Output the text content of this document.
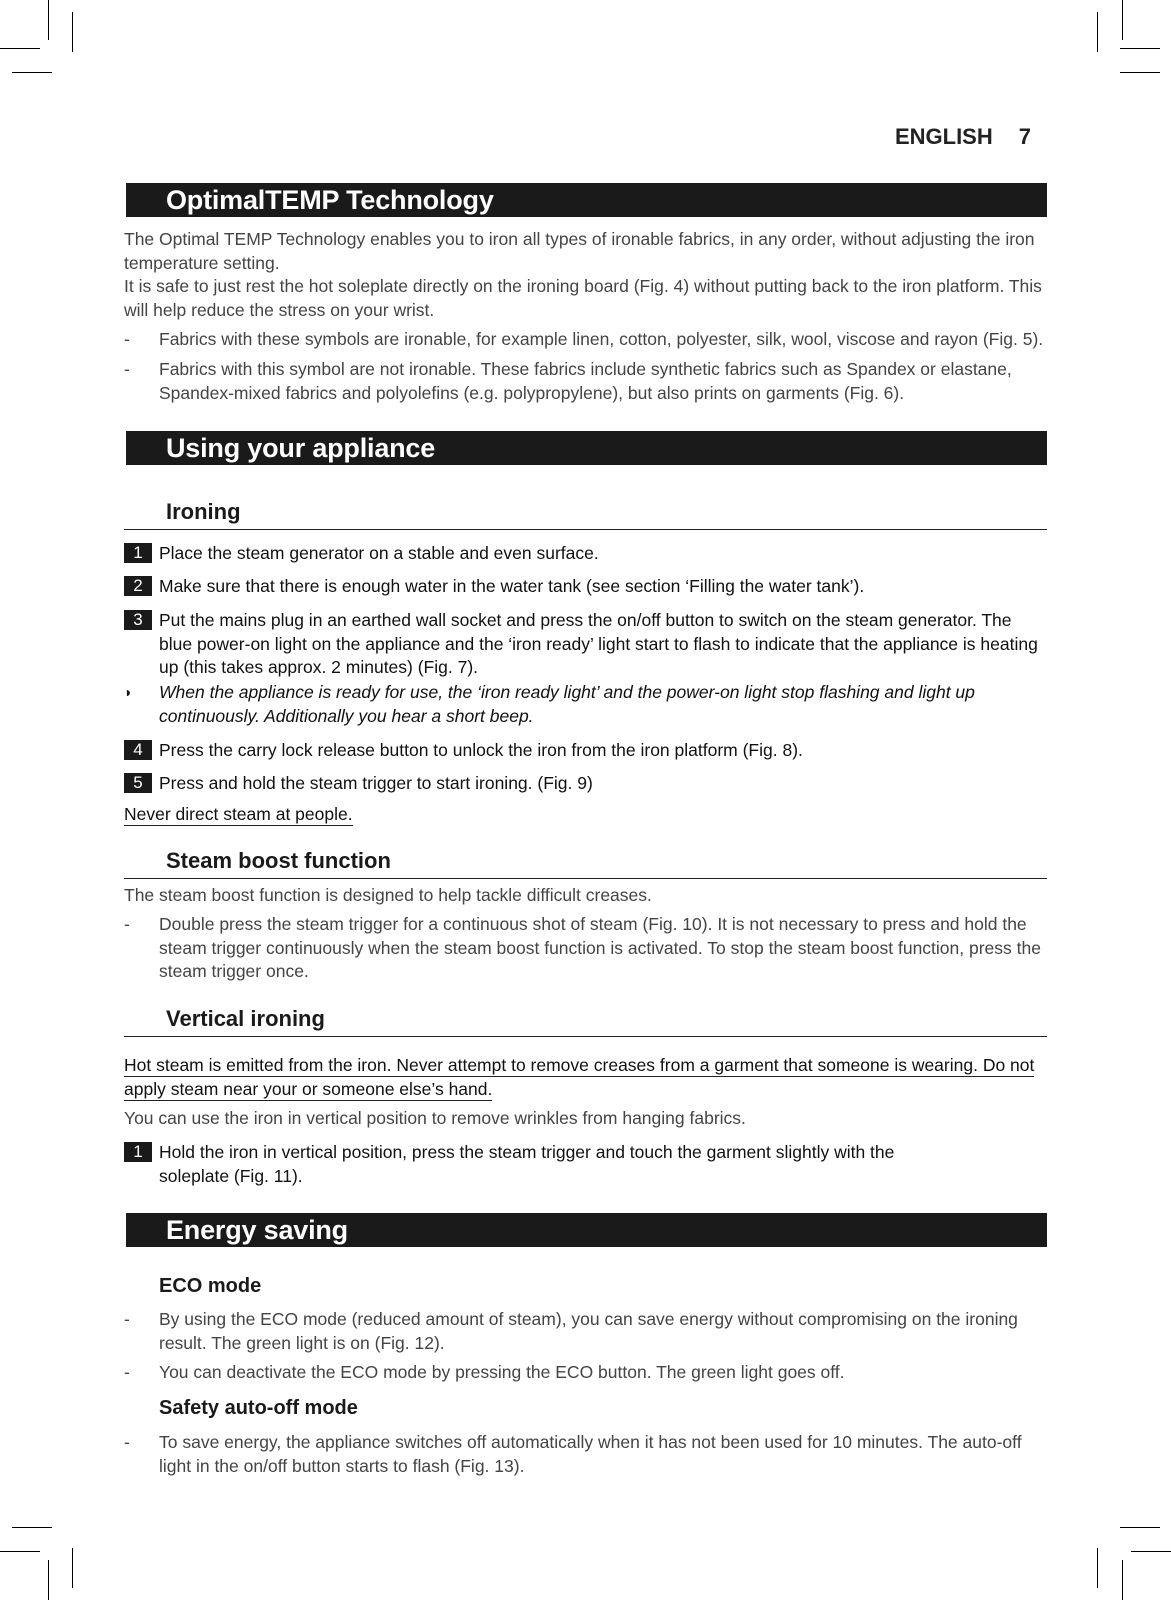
ENGLISH 7
OptimalTEMP Technology

The Optimal TEMP Technology enables you to iron all types of ironable fabrics, in any order, without adjusting the iron temperature setting.

It is safe to just rest the hot soleplate directly on the ironing board (Fig. 4) without putting back to the iron platform. This will help reduce the stress on your wrist.

- Fabrics with these symbols are ironable, for example linen, cotton, polyester, silk, wool, viscose and rayon (Fig. 5).
- Fabrics with this symbol are not ironable. These fabrics include synthetic fabrics such as Spandex or elastane, Spandex-mixed fabrics and polyolefins (e.g. polypropylene), but also prints on garments (Fig. 6).
Using your appliance
Ironing
1 Place the steam generator on a stable and even surface.
2 Make sure that there is enough water in the water tank (see section ‘Filling the water tank’).
3 Put the mains plug in an earthed wall socket and press the on/off button to switch on the steam generator. The blue power-on light on the appliance and the ‘iron ready’ light start to flash to indicate that the appliance is heating up (this takes approx. 2 minutes) (Fig. 7).
◗ When the appliance is ready for use, the ‘iron ready light’ and the power-on light stop flashing and light up continuously. Additionally you hear a short beep.
4 Press the carry lock release button to unlock the iron from the iron platform (Fig. 8).
5 Press and hold the steam trigger to start ironing. (Fig. 9)
Never direct steam at people.
Steam boost function

The steam boost function is designed to help tackle difficult creases.

- Double press the steam trigger for a continuous shot of steam (Fig. 10). It is not necessary to press and hold the steam trigger continuously when the steam boost function is activated. To stop the steam boost function, press the steam trigger once.
Vertical ironing
Hot steam is emitted from the iron. Never attempt to remove creases from a garment that someone is wearing. Do not apply steam near your or someone else’s hand.

You can use the iron in vertical position to remove wrinkles from hanging fabrics.

1 Hold the iron in vertical position, press the steam trigger and touch the garment slightly with the soleplate (Fig. 11).
Energy saving
ECO mode
- By using the ECO mode (reduced amount of steam), you can save energy without compromising on the ironing result. The green light is on (Fig. 12).
- You can deactivate the ECO mode by pressing the ECO button. The green light goes off.
Safety auto-off mode
- To save energy, the appliance switches off automatically when it has not been used for 10 minutes. The auto-off light in the on/off button starts to flash (Fig. 13).
